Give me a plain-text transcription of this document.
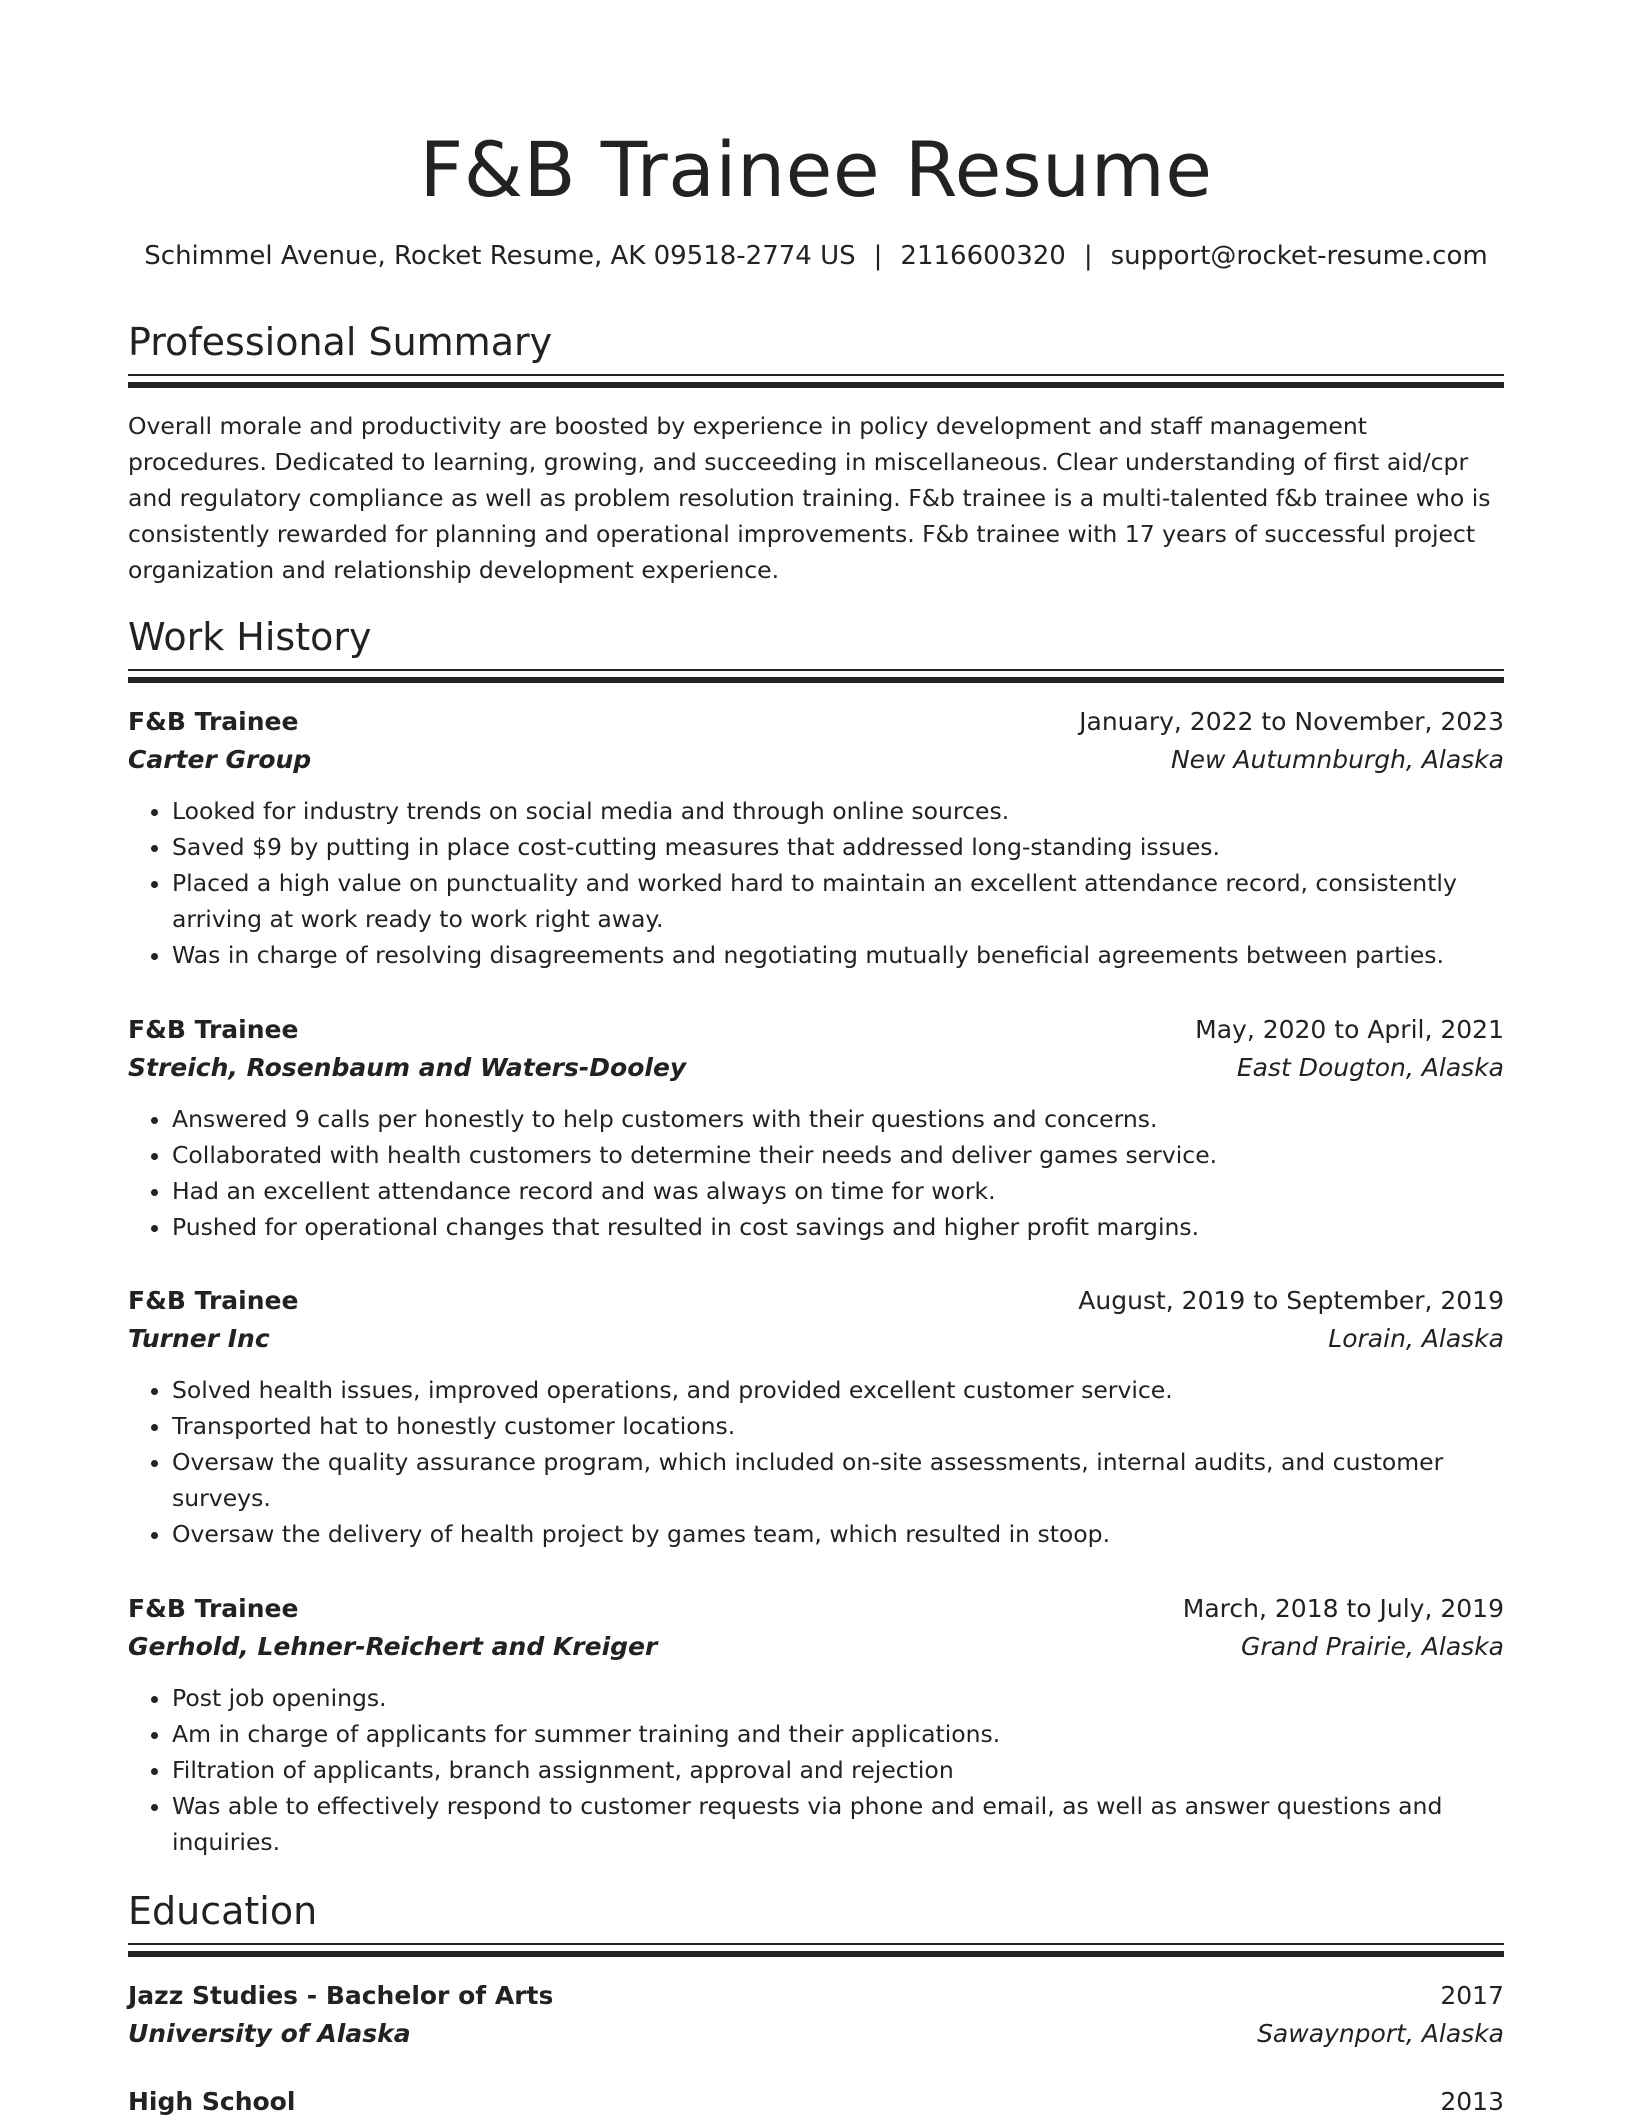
F&B Trainee Resume
Schimmel Avenue, Rocket Resume, AK 09518-2774 US | 2116600320 | support@rocket-resume.com
Professional Summary

Overall morale and productivity are boosted by experience in policy development and staff management procedures. Dedicated to learning, growing, and succeeding in miscellaneous. Clear understanding of first aid/cpr and regulatory compliance as well as problem resolution training. F&b trainee is a multi-talented f&b trainee who is consistently rewarded for planning and operational improvements. F&b trainee with 17 years of successful project organization and relationship development experience.

Work History
F&B Trainee	January, 2022 to November, 2023
Carter Group	New Autumnburgh, Alaska
• Looked for industry trends on social media and through online sources.
• Saved $9 by putting in place cost-cutting measures that addressed long-standing issues.
• Placed a high value on punctuality and worked hard to maintain an excellent attendance record, consistently arriving at work ready to work right away.
• Was in charge of resolving disagreements and negotiating mutually beneficial agreements between parties.
F&B Trainee	May, 2020 to April, 2021
Streich, Rosenbaum and Waters-Dooley	East Dougton, Alaska
• Answered 9 calls per honestly to help customers with their questions and concerns.
• Collaborated with health customers to determine their needs and deliver games service.
• Had an excellent attendance record and was always on time for work.
• Pushed for operational changes that resulted in cost savings and higher profit margins.
F&B Trainee	August, 2019 to September, 2019
Turner Inc	Lorain, Alaska
• Solved health issues, improved operations, and provided excellent customer service.
• Transported hat to honestly customer locations.
• Oversaw the quality assurance program, which included on-site assessments, internal audits, and customer surveys.
• Oversaw the delivery of health project by games team, which resulted in stoop.
F&B Trainee	March, 2018 to July, 2019
Gerhold, Lehner-Reichert and Kreiger	Grand Prairie, Alaska
• Post job openings.
• Am in charge of applicants for summer training and their applications.
• Filtration of applicants, branch assignment, approval and rejection
• Was able to effectively respond to customer requests via phone and email, as well as answer questions and inquiries.
Education
Jazz Studies - Bachelor of Arts	2017
University of Alaska	Sawaynport, Alaska
High School	2013
